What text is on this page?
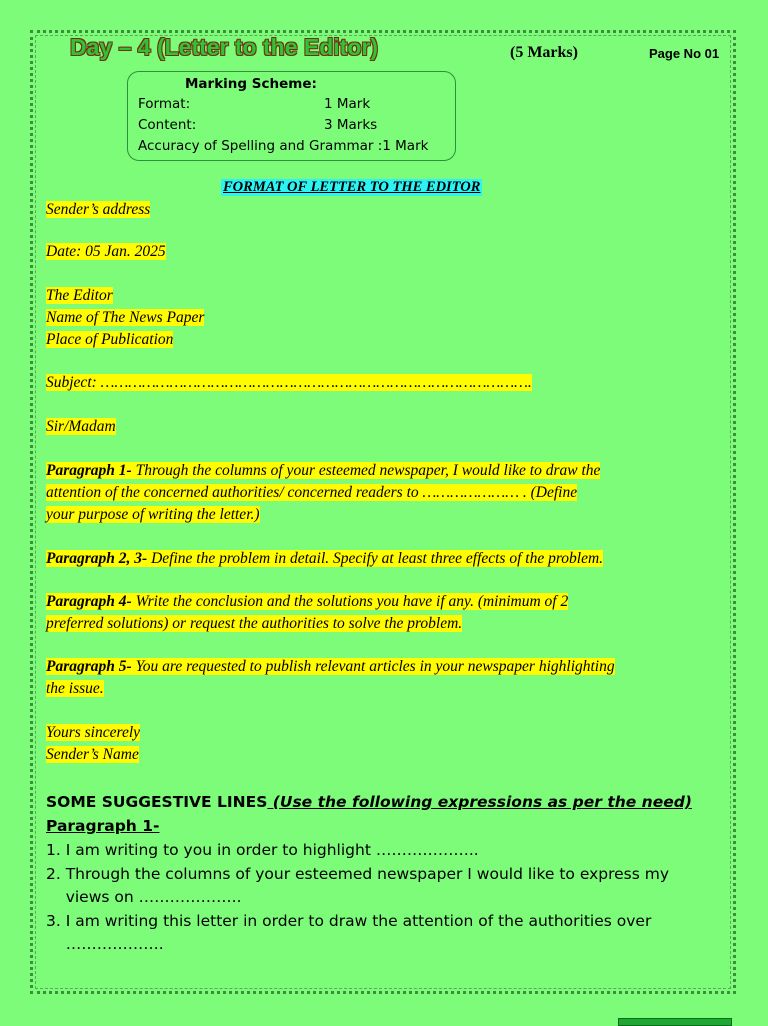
Day – 4 (Letter to the Editor)	(5 Marks)	Page No 01
Marking Scheme:
Format:	1 Mark
Content:	3 Marks
Accuracy of Spelling and Grammar :1 Mark
FORMAT OF LETTER TO THE EDITOR
Sender’s address
Date: 05 Jan. 2025
The Editor
Name of The News Paper
Place of Publication
Subject: ………………………………………………………………………………….
Sir/Madam
Paragraph 1- Through the columns of your esteemed newspaper, I would like to draw the
attention of the concerned authorities/ concerned readers to ………………… . (Define
your purpose of writing the letter.)
Paragraph 2, 3- Define the problem in detail. Specify at least three effects of the problem.
Paragraph 4- Write the conclusion and the solutions you have if any. (minimum of 2
preferred solutions) or request the authorities to solve the problem.
Paragraph 5- You are requested to publish relevant articles in your newspaper highlighting
the issue.
Yours sincerely
Sender’s Name
SOME SUGGESTIVE LINES (Use the following expressions as per the need)
Paragraph 1-
1. I am writing to you in order to highlight ………………..
2. Through the columns of your esteemed newspaper I would like to express my
views on ………………..
3. I am writing this letter in order to draw the attention of the authorities over
……………….
